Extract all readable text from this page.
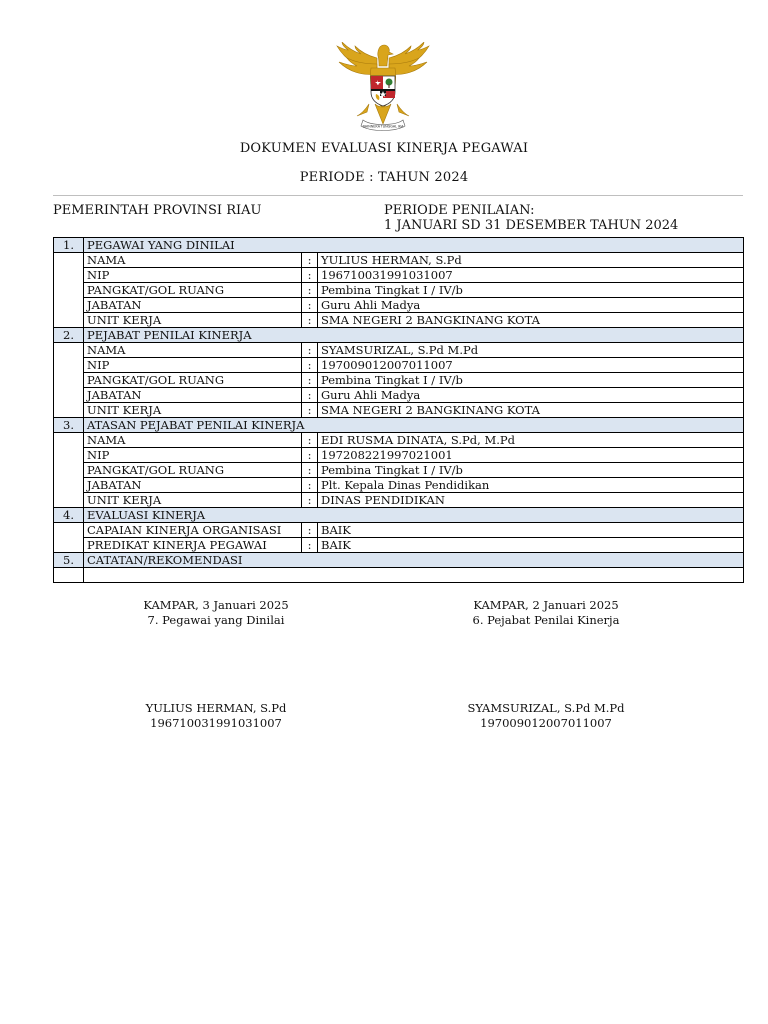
BHINNEKA TUNGGAL IKA
DOKUMEN EVALUASI KINERJA PEGAWAI
PERIODE : TAHUN 2024
PEMERINTAH PROVINSI RIAU	PERIODE PENILAIAN:
1 JANUARI SD 31 DESEMBER TAHUN 2024
1.	PEGAWAI YANG DINILAI		
	NAMA	:	YULIUS HERMAN, S.Pd
	NIP	:	196710031991031007
	PANGKAT/GOL RUANG	:	Pembina Tingkat I / IV/b
	JABATAN	:	Guru Ahli Madya
	UNIT KERJA	:	SMA NEGERI 2 BANGKINANG KOTA
2.	PEJABAT PENILAI KINERJA		
	NAMA	:	SYAMSURIZAL, S.Pd M.Pd
	NIP	:	197009012007011007
	PANGKAT/GOL RUANG	:	Pembina Tingkat I / IV/b
	JABATAN	:	Guru Ahli Madya
	UNIT KERJA	:	SMA NEGERI 2 BANGKINANG KOTA
3.	ATASAN PEJABAT PENILAI KINERJA		
	NAMA	:	EDI RUSMA DINATA, S.Pd, M.Pd
	NIP	:	197208221997021001
	PANGKAT/GOL RUANG	:	Pembina Tingkat I / IV/b
	JABATAN	:	Plt. Kepala Dinas Pendidikan
	UNIT KERJA	:	DINAS PENDIDIKAN
4.	EVALUASI KINERJA		
	CAPAIAN KINERJA ORGANISASI	:	BAIK
	PREDIKAT KINERJA PEGAWAI	:	BAIK
5.	CATATAN/REKOMENDASI		

KAMPAR, 3 Januari 2025
7. Pegawai yang Dinilai
YULIUS HERMAN, S.Pd
196710031991031007
KAMPAR, 2 Januari 2025
6. Pejabat Penilai Kinerja
SYAMSURIZAL, S.Pd M.Pd
197009012007011007
